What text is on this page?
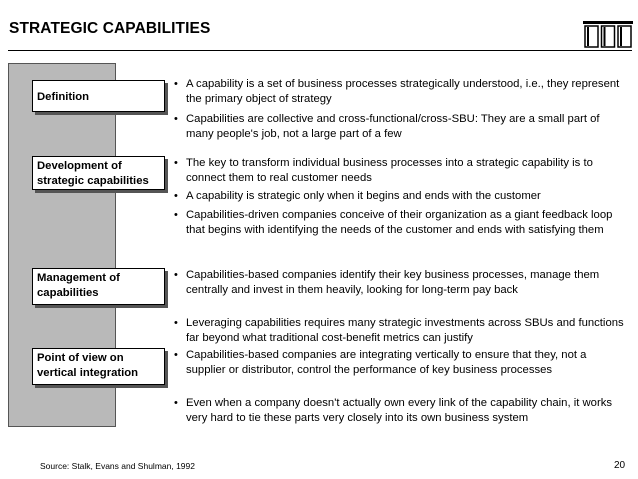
STRATEGIC CAPABILITIES
Definition
Development of strategic capabilities
Management of capabilities
Point of view on vertical integration
• A capability is a set of business processes strategically understood, i.e., they represent the primary object of strategy
• Capabilities are collective and cross-functional/cross-SBU: They are a small part of many people's job, not a large part of a few
• The key to transform individual business processes into a strategic capability is to connect them to real customer needs
• A capability is strategic only when it begins and ends with the customer
• Capabilities-driven companies conceive of their organization as a giant feedback loop that begins with identifying the needs of the customer and ends with satisfying them
• Capabilities-based companies identify their key business processes, manage them centrally and invest in them heavily, looking for long-term pay back
• Leveraging capabilities requires many strategic investments across SBUs and functions far beyond what traditional cost-benefit metrics can justify
• Capabilities-based companies are integrating vertically to ensure that they, not a supplier or distributor, control the performance of key business processes
• Even when a company doesn't actually own every link of the capability chain, it works very hard to tie these parts very closely into its own business system
Source: Stalk, Evans and Shulman, 1992	20
